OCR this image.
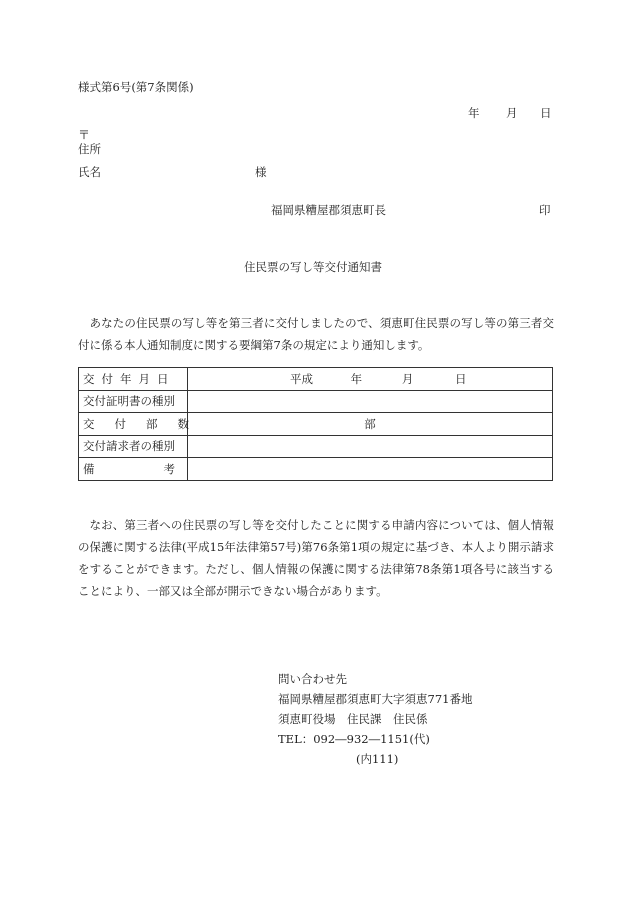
様式第6号(第7条関係)
年 月 日
〒
住所
氏名	様
福岡県糟屋郡須恵町長	印
住民票の写し等交付通知書

あなたの住民票の写し等を第三者に交付しましたので、須恵町住民票の写し等の第三者交付に係る本人通知制度に関する要綱第7条の規定により通知します。

交付年月日	平成 年 月 日
交付証明書の種別	
交付部数	部
交付請求者の種別	

備 考	

なお、第三者への住民票の写し等を交付したことに関する申請内容については、個人情報の保護に関する法律(平成15年法律第57号)第76条第1項の規定に基づき、本人より開示請求をすることができます。ただし、個人情報の保護に関する法律第78条第1項各号に該当することにより、一部又は全部が開示できない場合があります。

問い合わせ先
福岡県糟屋郡須恵町大字須恵771番地
須恵町役場　住民課　住民係
TEL：092―932―1151(代)
(内111)
